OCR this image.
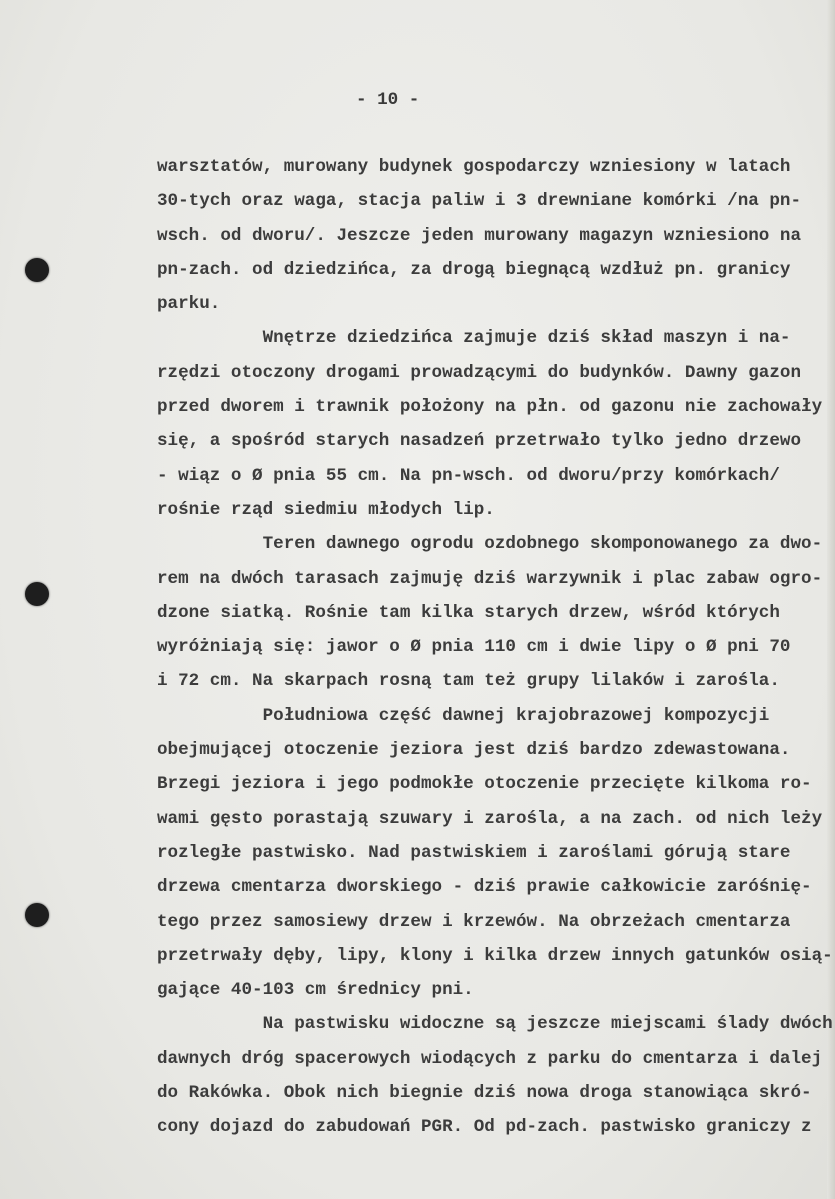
- 10 -
warsztatów, murowany budynek gospodarczy wzniesiony w latach
30-tych oraz waga, stacja paliw i 3 drewniane komórki /na pn-
wsch. od dworu/. Jeszcze jeden murowany magazyn wzniesiono na
pn-zach. od dziedzińca, za drogą biegnącą wzdłuż pn. granicy
parku.
Wnętrze dziedzińca zajmuje dziś skład maszyn i na-
rzędzi otoczony drogami prowadzącymi do budynków. Dawny gazon
przed dworem i trawnik położony na płn. od gazonu nie zachowały
się, a spośród starych nasadzeń przetrwało tylko jedno drzewo
- wiąz o Ø pnia 55 cm. Na pn-wsch. od dworu/przy komórkach/
rośnie rząd siedmiu młodych lip.
Teren dawnego ogrodu ozdobnego skomponowanego za dwo-
rem na dwóch tarasach zajmuję dziś warzywnik i plac zabaw ogro-
dzone siatką. Rośnie tam kilka starych drzew, wśród których
wyróżniają się: jawor o Ø pnia 110 cm i dwie lipy o Ø pni 70
i 72 cm. Na skarpach rosną tam też grupy lilaków i zarośla.
Południowa część dawnej krajobrazowej kompozycji
obejmującej otoczenie jeziora jest dziś bardzo zdewastowana.
Brzegi jeziora i jego podmokłe otoczenie przecięte kilkoma ro-
wami gęsto porastają szuwary i zarośla, a na zach. od nich leży
rozległe pastwisko. Nad pastwiskiem i zaroślami górują stare
drzewa cmentarza dworskiego - dziś prawie całkowicie zaróśnię-
tego przez samosiewy drzew i krzewów. Na obrzeżach cmentarza
przetrwały dęby, lipy, klony i kilka drzew innych gatunków osią-
gające 40-103 cm średnicy pni.
Na pastwisku widoczne są jeszcze miejscami ślady dwóch
dawnych dróg spacerowych wiodących z parku do cmentarza i dalej
do Rakówka. Obok nich biegnie dziś nowa droga stanowiąca skró-
cony dojazd do zabudowań PGR. Od pd-zach. pastwisko graniczy z
